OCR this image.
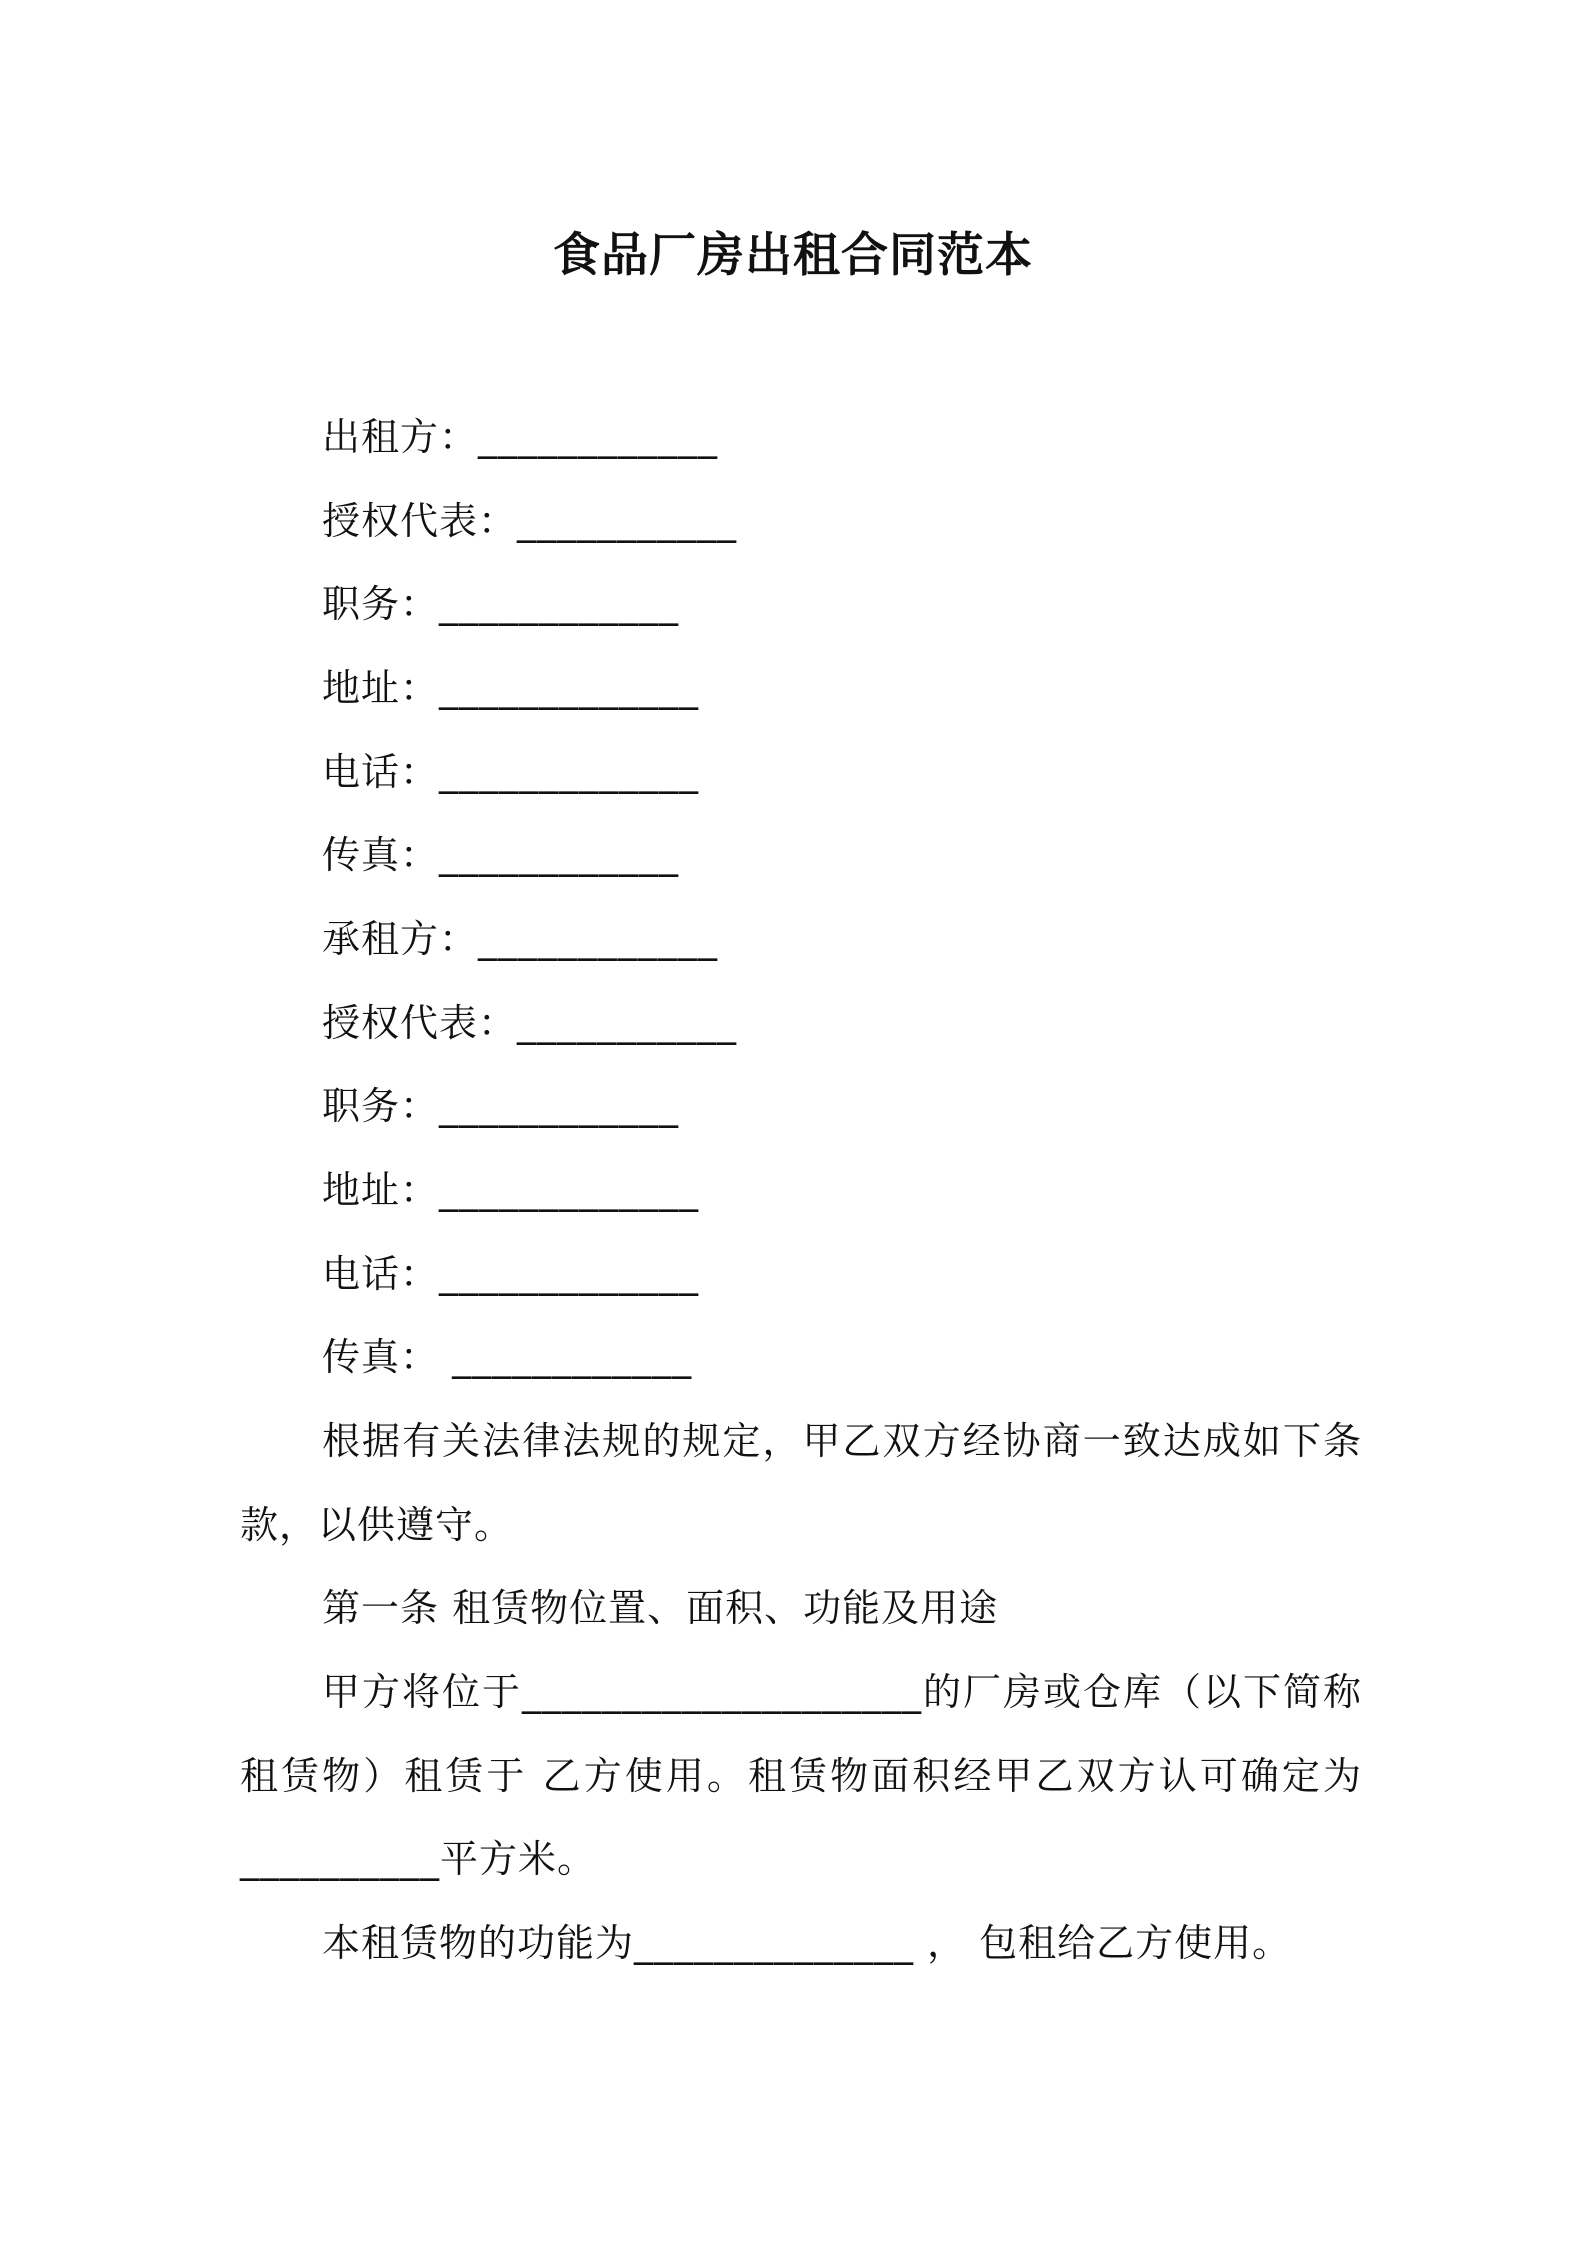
食品厂房出租合同范本
出租方：____________
授权代表：___________
职务：____________
地址：_____________
电话：_____________
传真：____________
承租方：____________
授权代表：___________
职务：____________
地址：_____________
电话：_____________
传真： ____________
根据有关法律法规的规定，甲乙双方经协商一致达成如下条
款，以供遵守。
第一条 租赁物位置、面积、功能及用途
甲方将位于____________________的厂房或仓库（以下简称
租赁物）租赁于 乙方使用。租赁物面积经甲乙双方认可确定为
__________平方米。
本租赁物的功能为______________ ， 包租给乙方使用。
